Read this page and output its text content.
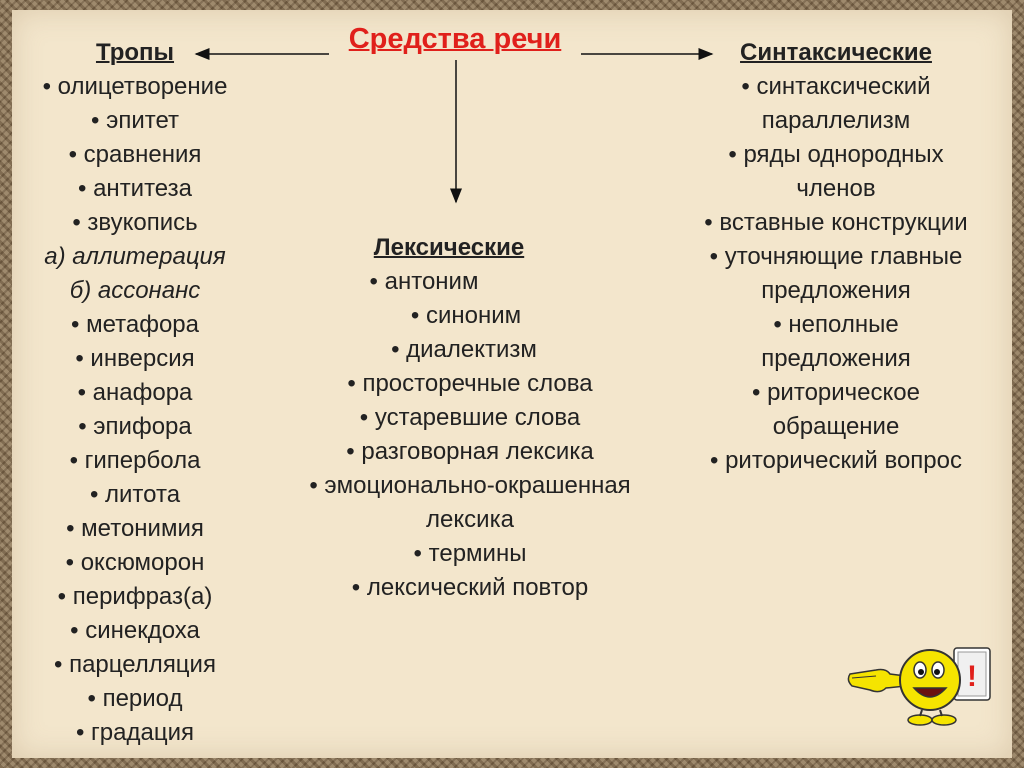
Средства речи
Тропы
• олицетворение
• эпитет
• сравнения
• антитеза
• звукопись
а) аллитерация
б) ассонанс
• метафора
• инверсия
• анафора
• эпифора
• гипербола
• литота
• метонимия
• оксюморон
• перифраз(а)
• синекдоха
• парцелляция
• период
• градация
Лексические
• антоним
• синоним
• диалектизм
• просторечные слова
• устаревшие слова
• разговорная лексика
• эмоционально-окрашенная
лексика
• термины
• лексический повтор
Синтаксические
• синтаксический
параллелизм
• ряды однородных
членов
• вставные конструкции
• уточняющие главные
предложения
• неполные
предложения
• риторическое
обращение
• риторический вопрос
!
